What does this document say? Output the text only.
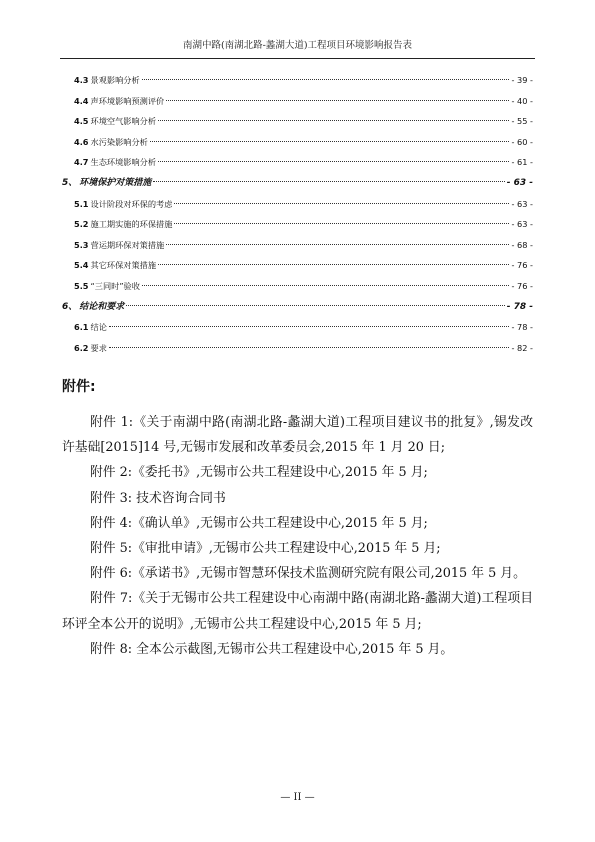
南湖中路(南湖北路-蠡湖大道)工程项目环境影响报告表
4.3 景观影响分析	- 39 -
4.4 声环境影响预测评价	- 40 -
4.5 环境空气影响分析	- 55 -
4.6 水污染影响分析	- 60 -
4.7 生态环境影响分析	- 61 -
5、 环境保护对策措施	- 63 -
5.1 设计阶段对环保的考虑	- 63 -
5.2 施工期实施的环保措施	- 63 -
5.3 营运期环保对策措施	- 68 -
5.4 其它环保对策措施	- 76 -
5.5 “三同时”验收	- 76 -
6、 结论和要求	- 78 -
6.1 结论	- 78 -
6.2 要求	- 82 -
附件:

附件 1:《关于南湖中路(南湖北路-蠡湖大道)工程项目建议书的批复》,锡发改许基础[2015]14 号,无锡市发展和改革委员会,2015 年 1 月 20 日;

附件 2:《委托书》,无锡市公共工程建设中心,2015 年 5 月;

附件 3: 技术咨询合同书

附件 4:《确认单》,无锡市公共工程建设中心,2015 年 5 月;

附件 5:《审批申请》,无锡市公共工程建设中心,2015 年 5 月;

附件 6:《承诺书》,无锡市智慧环保技术监测研究院有限公司,2015 年 5 月。

附件 7:《关于无锡市公共工程建设中心南湖中路(南湖北路-蠡湖大道)工程项目环评全本公开的说明》,无锡市公共工程建设中心,2015 年 5 月;

附件 8: 全本公示截图,无锡市公共工程建设中心,2015 年 5 月。

— II —
